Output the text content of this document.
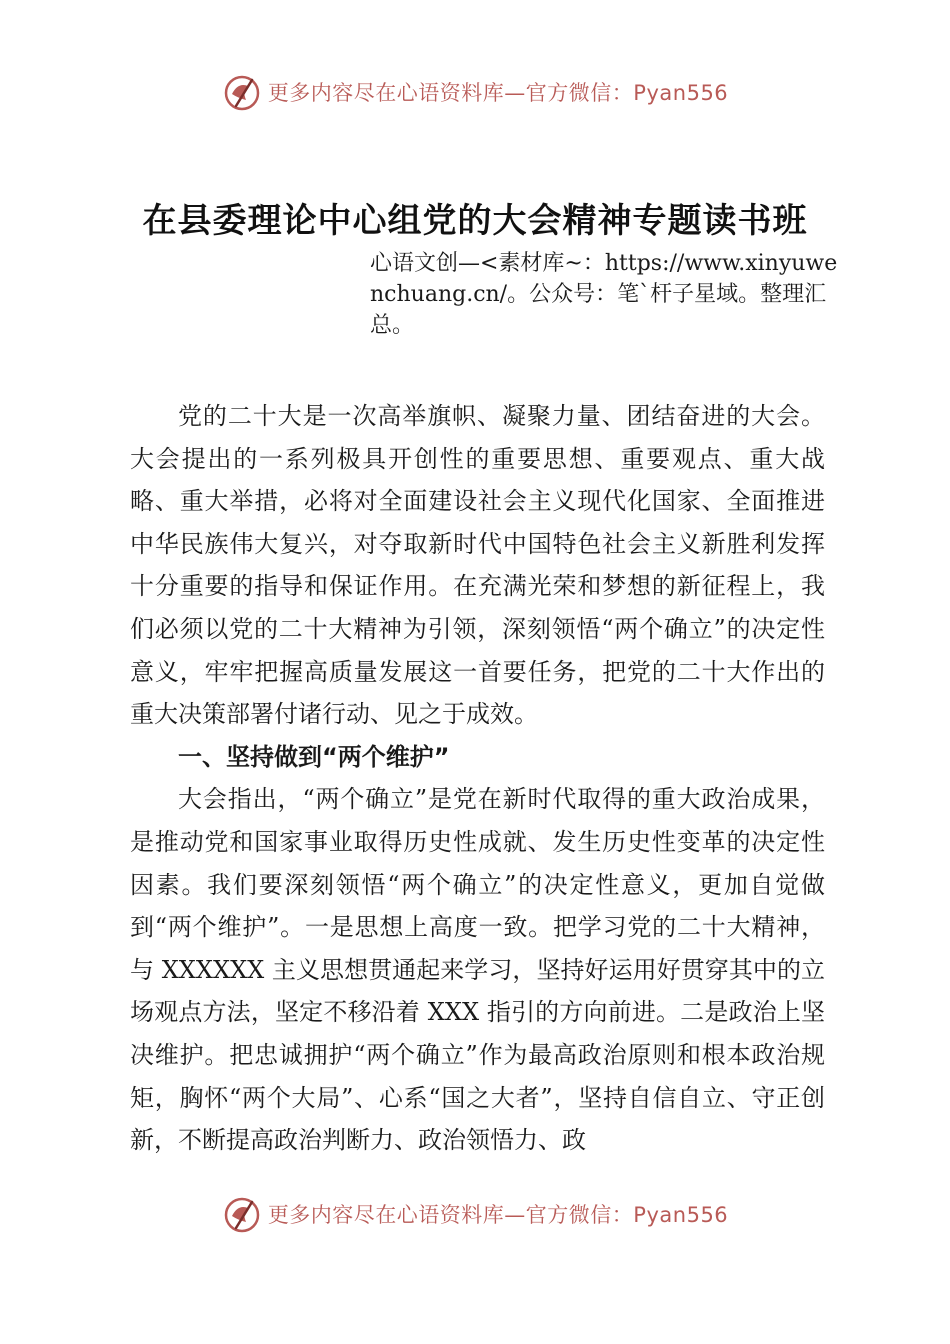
更多内容尽在心语资料库—官方微信：Pyan556
在县委理论中心组党的大会精神专题读书班
心语文创—<素材库~：https://www.xinyuwenchuang.cn/。公众号：笔`杆子星域。整理汇总。

党的二十大是一次高举旗帜、凝聚力量、团结奋进的大会。大会提出的一系列极具开创性的重要思想、重要观点、重大战略、重大举措，必将对全面建设社会主义现代化国家、全面推进中华民族伟大复兴，对夺取新时代中国特色社会主义新胜利发挥十分重要的指导和保证作用。在充满光荣和梦想的新征程上，我们必须以党的二十大精神为引领，深刻领悟“两个确立”的决定性意义，牢牢把握高质量发展这一首要任务，把党的二十大作出的重大决策部署付诸行动、见之于成效。

一、坚持做到“两个维护”

大会指出，“两个确立”是党在新时代取得的重大政治成果，是推动党和国家事业取得历史性成就、发生历史性变革的决定性因素。我们要深刻领悟“两个确立”的决定性意义，更加自觉做到“两个维护”。一是思想上高度一致。把学习党的二十大精神，与 XXXXXX 主义思想贯通起来学习，坚持好运用好贯穿其中的立场观点方法，坚定不移沿着 XXX 指引的方向前进。二是政治上坚决维护。把忠诚拥护“两个确立”作为最高政治原则和根本政治规矩，胸怀“两个大局”、心系“国之大者”，坚持自信自立、守正创新，不断提高政治判断力、政治领悟力、政

更多内容尽在心语资料库—官方微信：Pyan556
